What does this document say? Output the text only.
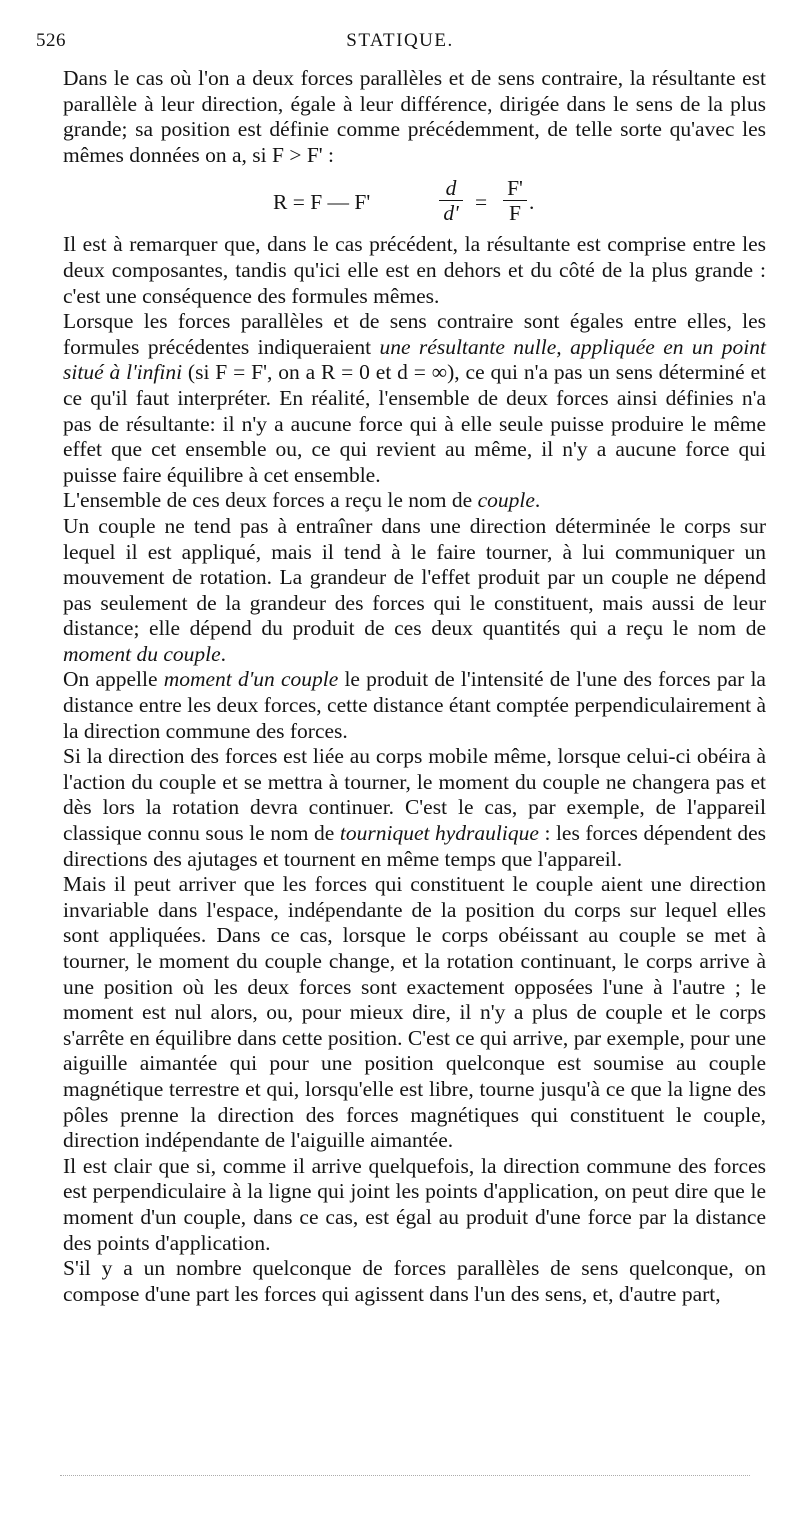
526	STATIQUE.

Dans le cas où l'on a deux forces parallèles et de sens contraire, la résultante est parallèle à leur direction, égale à leur différence, dirigée dans le sens de la plus grande; sa position est définie comme précédemment, de telle sorte qu'avec les mêmes données on a, si F > F' :

R = F — F'	$\frac{d}{d'} = \frac{F'}{F}$ .

Il est à remarquer que, dans le cas précédent, la résultante est comprise entre les deux composantes, tandis qu'ici elle est en dehors et du côté de la plus grande : c'est une conséquence des formules mêmes.

Lorsque les forces parallèles et de sens contraire sont égales entre elles, les formules précédentes indiqueraient une résultante nulle, appliquée en un point situé à l'infini (si F = F', on a R = 0 et d = ∞), ce qui n'a pas un sens déterminé et ce qu'il faut interpréter. En réalité, l'ensemble de deux forces ainsi définies n'a pas de résultante: il n'y a aucune force qui à elle seule puisse produire le même effet que cet ensemble ou, ce qui revient au même, il n'y a aucune force qui puisse faire équilibre à cet ensemble.

L'ensemble de ces deux forces a reçu le nom de couple.

Un couple ne tend pas à entraîner dans une direction déterminée le corps sur lequel il est appliqué, mais il tend à le faire tourner, à lui communiquer un mouvement de rotation. La grandeur de l'effet produit par un couple ne dépend pas seulement de la grandeur des forces qui le constituent, mais aussi de leur distance; elle dépend du produit de ces deux quantités qui a reçu le nom de moment du couple.

On appelle moment d'un couple le produit de l'intensité de l'une des forces par la distance entre les deux forces, cette distance étant comptée perpendiculairement à la direction commune des forces.

Si la direction des forces est liée au corps mobile même, lorsque celui-ci obéira à l'action du couple et se mettra à tourner, le moment du couple ne changera pas et dès lors la rotation devra continuer. C'est le cas, par exemple, de l'appareil classique connu sous le nom de tourniquet hydraulique : les forces dépendent des directions des ajutages et tournent en même temps que l'appareil.

Mais il peut arriver que les forces qui constituent le couple aient une direction invariable dans l'espace, indépendante de la position du corps sur lequel elles sont appliquées. Dans ce cas, lorsque le corps obéissant au couple se met à tourner, le moment du couple change, et la rotation continuant, le corps arrive à une position où les deux forces sont exactement opposées l'une à l'autre ; le moment est nul alors, ou, pour mieux dire, il n'y a plus de couple et le corps s'arrête en équilibre dans cette position. C'est ce qui arrive, par exemple, pour une aiguille aimantée qui pour une position quelconque est soumise au couple magnétique terrestre et qui, lorsqu'elle est libre, tourne jusqu'à ce que la ligne des pôles prenne la direction des forces magnétiques qui constituent le couple, direction indépendante de l'aiguille aimantée.

Il est clair que si, comme il arrive quelquefois, la direction commune des forces est perpendiculaire à la ligne qui joint les points d'application, on peut dire que le moment d'un couple, dans ce cas, est égal au produit d'une force par la distance des points d'application.

S'il y a un nombre quelconque de forces parallèles de sens quelconque, on compose d'une part les forces qui agissent dans l'un des sens, et, d'autre part,
